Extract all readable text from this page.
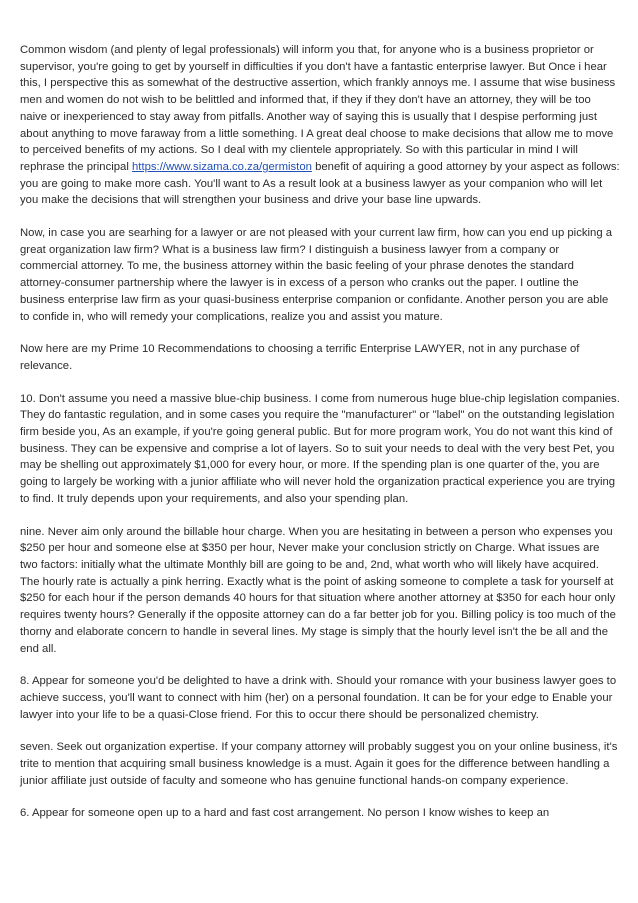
Common wisdom (and plenty of legal professionals) will inform you that, for anyone who is a business proprietor or supervisor, you're going to get by yourself in difficulties if you don't have a fantastic enterprise lawyer. But Once i hear this, I perspective this as somewhat of the destructive assertion, which frankly annoys me. I assume that wise business men and women do not wish to be belittled and informed that, if they if they don't have an attorney, they will be too naive or inexperienced to stay away from pitfalls. Another way of saying this is usually that I despise performing just about anything to move faraway from a little something. I A great deal choose to make decisions that allow me to move to perceived benefits of my actions. So I deal with my clientele appropriately. So with this particular in mind I will rephrase the principal https://www.sizama.co.za/germiston benefit of aquiring a good attorney by your aspect as follows: you are going to make more cash. You'll want to As a result look at a business lawyer as your companion who will let you make the decisions that will strengthen your business and drive your base line upwards.

Now, in case you are searhing for a lawyer or are not pleased with your current law firm, how can you end up picking a great organization law firm? What is a business law firm? I distinguish a business lawyer from a company or commercial attorney. To me, the business attorney within the basic feeling of your phrase denotes the standard attorney-consumer partnership where the lawyer is in excess of a person who cranks out the paper. I outline the business enterprise law firm as your quasi-business enterprise companion or confidante. Another person you are able to confide in, who will remedy your complications, realize you and assist you mature.

Now here are my Prime 10 Recommendations to choosing a terrific Enterprise LAWYER, not in any purchase of relevance.

10. Don't assume you need a massive blue-chip business. I come from numerous huge blue-chip legislation companies. They do fantastic regulation, and in some cases you require the "manufacturer" or "label" on the outstanding legislation firm beside you, As an example, if you're going general public. But for more program work, You do not want this kind of business. They can be expensive and comprise a lot of layers. So to suit your needs to deal with the very best Pet, you may be shelling out approximately $1,000 for every hour, or more. If the spending plan is one quarter of the, you are going to largely be working with a junior affiliate who will never hold the organization practical experience you are trying to find. It truly depends upon your requirements, and also your spending plan.

nine. Never aim only around the billable hour charge. When you are hesitating in between a person who expenses you $250 per hour and someone else at $350 per hour, Never make your conclusion strictly on Charge. What issues are two factors: initially what the ultimate Monthly bill are going to be and, 2nd, what worth who will likely have acquired. The hourly rate is actually a pink herring. Exactly what is the point of asking someone to complete a task for yourself at $250 for each hour if the person demands 40 hours for that situation where another attorney at $350 for each hour only requires twenty hours? Generally if the opposite attorney can do a far better job for you. Billing policy is too much of the thorny and elaborate concern to handle in several lines. My stage is simply that the hourly level isn't the be all and the end all.

8. Appear for someone you'd be delighted to have a drink with. Should your romance with your business lawyer goes to achieve success, you'll want to connect with him (her) on a personal foundation. It can be for your edge to Enable your lawyer into your life to be a quasi-Close friend. For this to occur there should be personalized chemistry.

seven. Seek out organization expertise. If your company attorney will probably suggest you on your online business, it's trite to mention that acquiring small business knowledge is a must. Again it goes for the difference between handling a junior affiliate just outside of faculty and someone who has genuine functional hands-on company experience.

6. Appear for someone open up to a hard and fast cost arrangement. No person I know wishes to keep an
